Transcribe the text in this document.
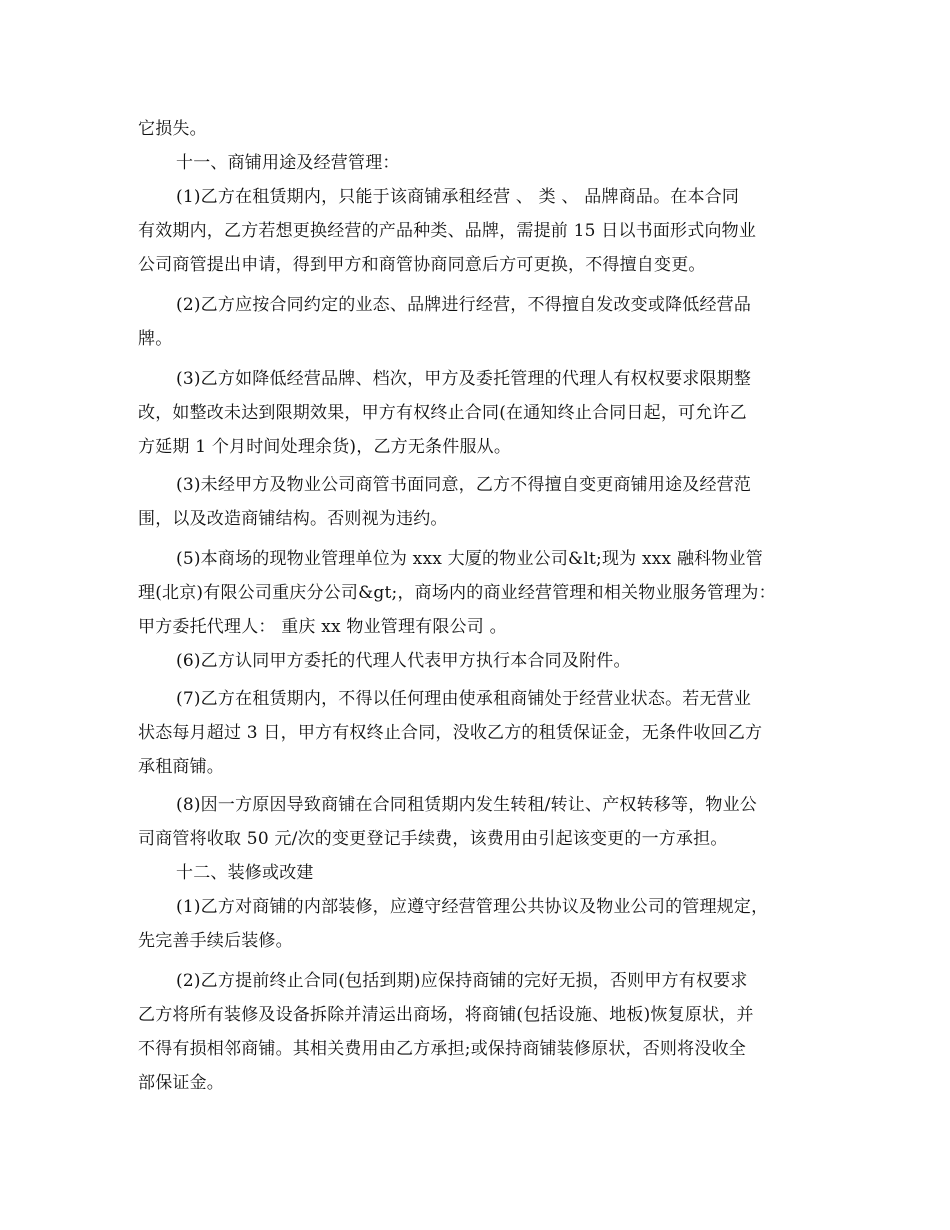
它损失。
十一、商铺用途及经营管理：
(1)乙方在租赁期内，只能于该商铺承租经营 、 类 、 品牌商品。在本合同
有效期内，乙方若想更换经营的产品种类、品牌，需提前 15 日以书面形式向物业
公司商管提出申请，得到甲方和商管协商同意后方可更换，不得擅自变更。
(2)乙方应按合同约定的业态、品牌进行经营，不得擅自发改变或降低经营品
牌。
(3)乙方如降低经营品牌、档次，甲方及委托管理的代理人有权权要求限期整
改，如整改未达到限期效果，甲方有权终止合同(在通知终止合同日起，可允许乙
方延期 1 个月时间处理余货)，乙方无条件服从。
(3)未经甲方及物业公司商管书面同意，乙方不得擅自变更商铺用途及经营范
围，以及改造商铺结构。否则视为违约。
(5)本商场的现物业管理单位为 xxx 大厦的物业公司&lt;现为 xxx 融科物业管
理(北京)有限公司重庆分公司&gt;，商场内的商业经营管理和相关物业服务管理为：
甲方委托代理人： 重庆 xx 物业管理有限公司 。
(6)乙方认同甲方委托的代理人代表甲方执行本合同及附件。
(7)乙方在租赁期内，不得以任何理由使承租商铺处于经营业状态。若无营业
状态每月超过 3 日，甲方有权终止合同，没收乙方的租赁保证金，无条件收回乙方
承租商铺。
(8)因一方原因导致商铺在合同租赁期内发生转租/转让、产权转移等，物业公
司商管将收取 50 元/次的变更登记手续费，该费用由引起该变更的一方承担。
十二、装修或改建
(1)乙方对商铺的内部装修，应遵守经营管理公共协议及物业公司的管理规定，
先完善手续后装修。
(2)乙方提前终止合同(包括到期)应保持商铺的完好无损，否则甲方有权要求
乙方将所有装修及设备拆除并清运出商场，将商铺(包括设施、地板)恢复原状，并
不得有损相邻商铺。其相关费用由乙方承担;或保持商铺装修原状，否则将没收全
部保证金。
